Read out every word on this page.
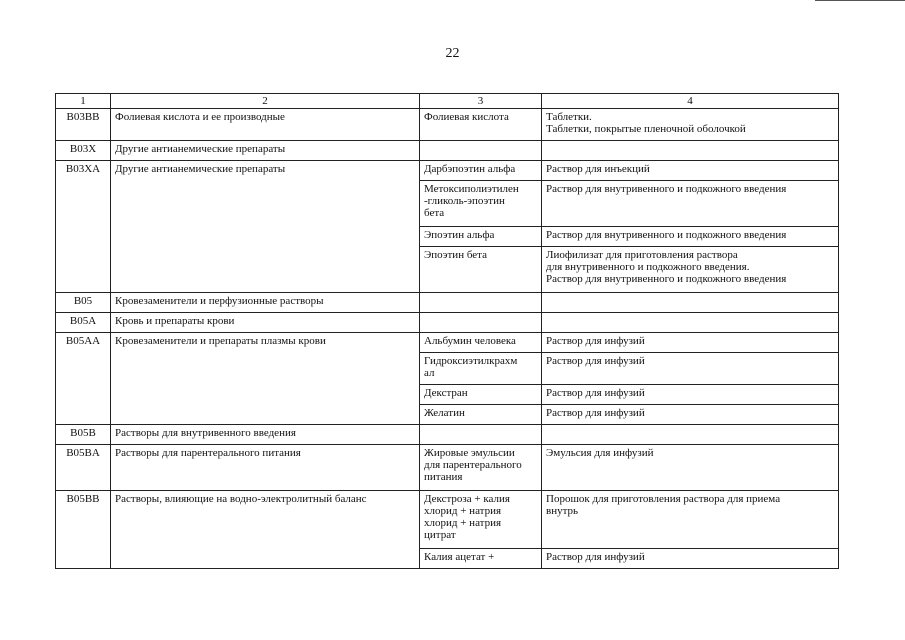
22
1	2	3	4
B03BB	Фолиевая кислота и ее производные	Фолиевая кислота	Таблетки.
Таблетки, покрытые пленочной оболочкой
B03X	Другие антианемические препараты		
B03XA	Другие антианемические препараты	Дарбэпоэтин альфа	Раствор для инъекций
		Метоксиполиэтилен
-гликоль-эпоэтин
бета	Раствор для внутривенного и подкожного введения
		Эпоэтин альфа	Раствор для внутривенного и подкожного введения
		Эпоэтин бета	Лиофилизат для приготовления раствора
для внутривенного и подкожного введения.
Раствор для внутривенного и подкожного введения
B05	Кровезаменители и перфузионные растворы		
B05A	Кровь и препараты крови		
B05AA	Кровезаменители и препараты плазмы крови	Альбумин человека	Раствор для инфузий
		Гидроксиэтилкрахм
ал	Раствор для инфузий
		Декстран	Раствор для инфузий
		Желатин	Раствор для инфузий
B05B	Растворы для внутривенного введения		
B05BA	Растворы для парентерального питания	Жировые эмульсии
для парентерального
питания	Эмульсия для инфузий
B05BB	Растворы, влияющие на водно-электролитный баланс	Декстроза + калия
хлорид + натрия
хлорид + натрия
цитрат	Порошок для приготовления раствора для приема
внутрь
		Калия ацетат +	Раствор для инфузий
